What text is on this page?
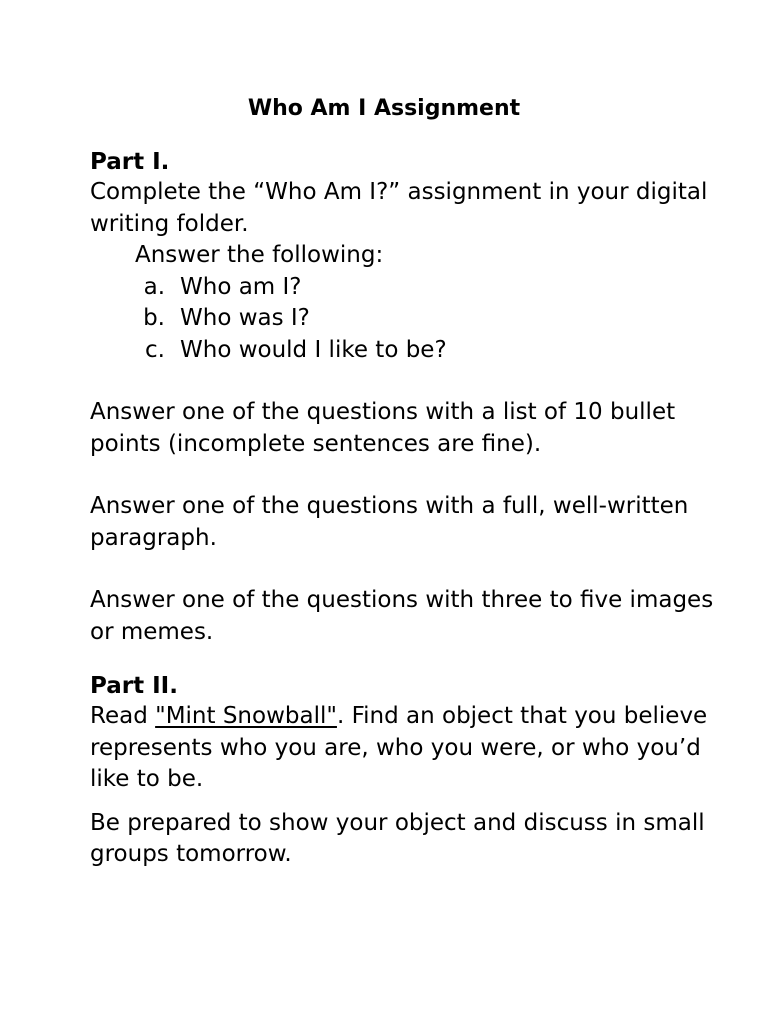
Who Am I Assignment
Part I.

Complete the “Who Am I?” assignment in your digital writing folder.

Answer the following:
a. Who am I?
b. Who was I?
c. Who would I like to be?

Answer one of the questions with a list of 10 bullet points (incomplete sentences are fine).

Answer one of the questions with a full, well-written paragraph.

Answer one of the questions with three to five images or memes.

Part II.

Read "Mint Snowball". Find an object that you believe represents who you are, who you were, or who you’d like to be.

Be prepared to show your object and discuss in small groups tomorrow.
